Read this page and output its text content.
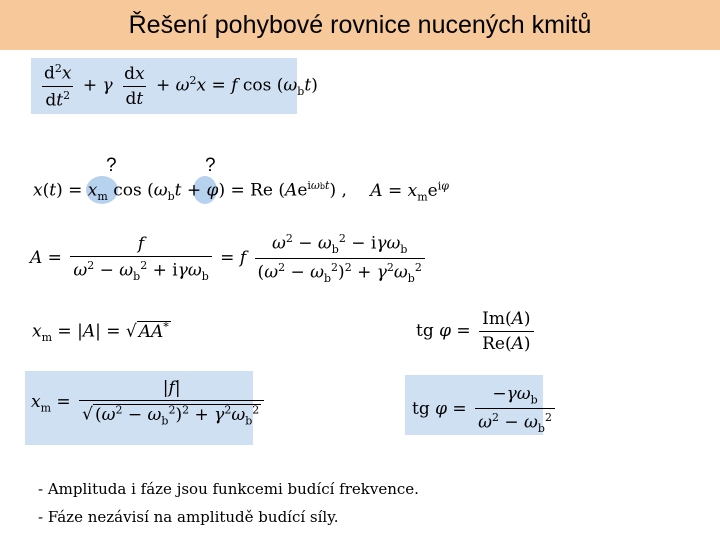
Řešení pohybové rovnice nucených kmitů
$\frac{d^2x}{dt^2} + \gamma \frac{dx}{dt} + \omega^2x = f$ $\cos (\omega_bt)$
?	?
$x(t) = x_m$ $\cos (\omega_bt + \varphi) = Re$ $(Ae^{i\omega bt})$ , $A = x_me^{i\varphi}$
$A = \frac{f}{\omega^2 - \omega_b^2 + i\gamma\omega_b} = f \frac{\omega^2 - \omega_b^2 - i\gamma\omega_b}{(\omega^2 - \omega_b^2)^2 + \gamma^2\omega_b^2}$
$x_m = |A|$ = √ AA*	tg $\varphi = \frac{Im(A)}{Re(A)}$
$x_m = \frac{|f|}{√ (\omega^2 - \omega_b^2)^2 + \gamma^2\omega_b^2}$	tg $\varphi = \frac{-\gamma\omega_b}{\omega^2 - \omega_b^2}$
- Amplituda i fáze jsou funkcemi budící frekvence.
- Fáze nezávisí na amplitudě budící síly.
